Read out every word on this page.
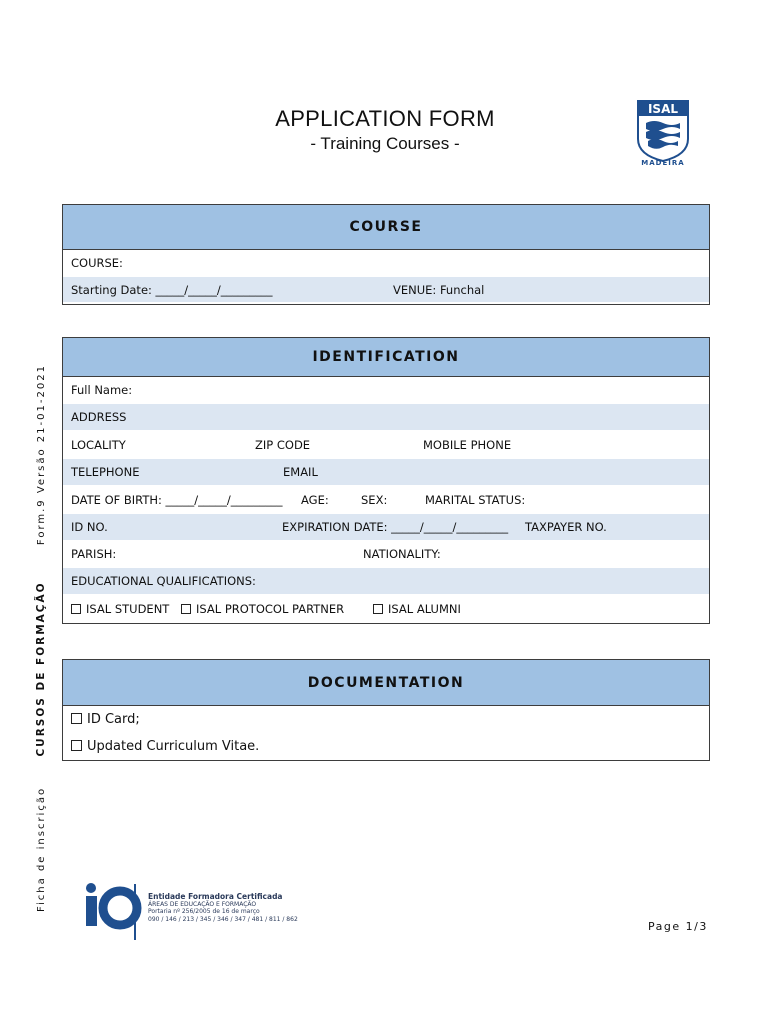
APPLICATION FORM
- Training Courses -
ISAL
MADEIRA
COURSE
COURSE:
Starting Date: _____/_____/_________	VENUE: Funchal
IDENTIFICATION
Full Name:
ADDRESS
LOCALITY	ZIP CODE	MOBILE PHONE
TELEPHONE	EMAIL
DATE OF BIRTH: _____/_____/_________ AGE:	SEX:	MARITAL STATUS:
ID NO.	EXPIRATION DATE: _____/_____/_________ TAXPAYER NO.
PARISH:	NATIONALITY:
EDUCATIONAL QUALIFICATIONS:
ISAL STUDENT	ISAL PROTOCOL PARTNER	ISAL ALUMNI
DOCUMENTATION
ID Card;
Updated Curriculum Vitae.
Ficha de inscrição  CURSOS DE FORMAÇÃO  Form.9 Versão 21-01-2021
Entidade Formadora Certificada
ÁREAS DE EDUCAÇÃO E FORMAÇÃO
Portaria nº 256/2005 de 16 de março
090 / 146 / 213 / 345 / 346 / 347 / 481 / 811 / 862
Page 1/3
